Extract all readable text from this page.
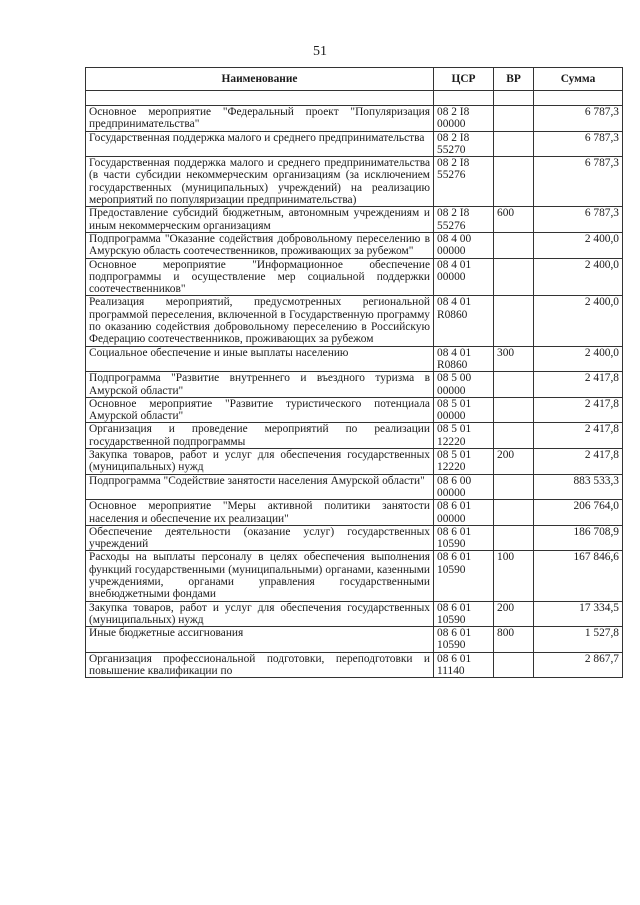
51
Наименование	ЦСР	ВР	Сумма

Основное мероприятие "Федеральный проект "Популяризация предпринимательства"	08 2 I8 00000		6 787,3
Государственная поддержка малого и среднего предпринимательства	08 2 I8 55270		6 787,3
Государственная поддержка малого и среднего предпринимательства (в части субсидии некоммерческим организациям (за исключением государственных (муниципальных) учреждений) на реализацию мероприятий по популяризации предпринимательства)	08 2 I8 55276		6 787,3
Предоставление субсидий бюджетным, автономным учреждениям и иным некоммерческим организациям	08 2 I8 55276	600	6 787,3
Подпрограмма "Оказание содействия добровольному переселению в Амурскую область соотечественников, проживающих за рубежом"	08 4 00 00000		2 400,0
Основное мероприятие "Информационное обеспечение подпрограммы и осуществление мер социальной поддержки соотечественников"	08 4 01 00000		2 400,0
Реализация мероприятий, предусмотренных региональной программой переселения, включенной в Государственную программу по оказанию содействия добровольному переселению в Российскую Федерацию соотечественников, проживающих за рубежом	08 4 01 R0860		2 400,0
Социальное обеспечение и иные выплаты населению	08 4 01 R0860	300	2 400,0
Подпрограмма "Развитие внутреннего и въездного туризма в Амурской области"	08 5 00 00000		2 417,8
Основное мероприятие "Развитие туристического потенциала Амурской области"	08 5 01 00000		2 417,8
Организация и проведение мероприятий по реализации государственной подпрограммы	08 5 01 12220		2 417,8
Закупка товаров, работ и услуг для обеспечения государственных (муниципальных) нужд	08 5 01 12220	200	2 417,8
Подпрограмма "Содействие занятости населения Амурской области"	08 6 00 00000		883 533,3
Основное мероприятие "Меры активной политики занятости населения и обеспечение их реализации"	08 6 01 00000		206 764,0
Обеспечение деятельности (оказание услуг) государственных учреждений	08 6 01 10590		186 708,9
Расходы на выплаты персоналу в целях обеспечения выполнения функций государственными (муниципальными) органами, казенными учреждениями, органами управления государственными внебюджетными фондами	08 6 01 10590	100	167 846,6
Закупка товаров, работ и услуг для обеспечения государственных (муниципальных) нужд	08 6 01 10590	200	17 334,5
Иные бюджетные ассигнования	08 6 01 10590	800	1 527,8
Организация профессиональной подготовки, переподготовки и повышение квалификации по	08 6 01 11140		2 867,7
